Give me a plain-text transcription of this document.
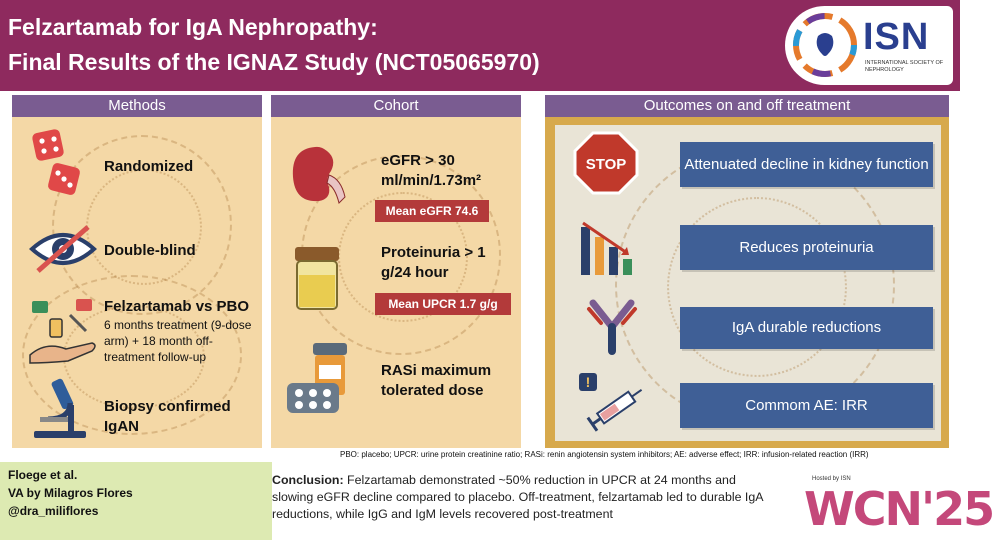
Felzartamab for IgA Nephropathy:
Final Results of the IGNAZ Study (NCT05065970)
ISN
INTERNATIONAL SOCIETY OF NEPHROLOGY
Methods
Randomized
Double-blind
Felzartamab vs PBO
6 months treatment (9-dose arm) + 18 month off-treatment follow-up
Biopsy confirmed IgAN
Cohort
eGFR > 30 ml/min/1.73m²
Mean eGFR 74.6
Proteinuria > 1 g/24 hour
Mean UPCR 1.7 g/g
RASi maximum tolerated dose
Outcomes on and off treatment
STOP	Attenuated decline in kidney function
Reduces proteinuria
IgA durable reductions
!
Commom AE: IRR
PBO: placebo; UPCR: urine protein creatinine ratio; RASi: renin angiotensin system inhibitors; AE: adverse effect; IRR: infusion-related reaction (IRR)
Floege et al.
VA by Milagros Flores
@dra_miliflores
Conclusion: Felzartamab demonstrated ~50% reduction in UPCR at 24 months and slowing eGFR decline compared to placebo. Off-treatment, felzartamab led to durable IgA reductions, while IgG and IgM levels recovered post-treatment
Hosted by ISN
WCN'25
